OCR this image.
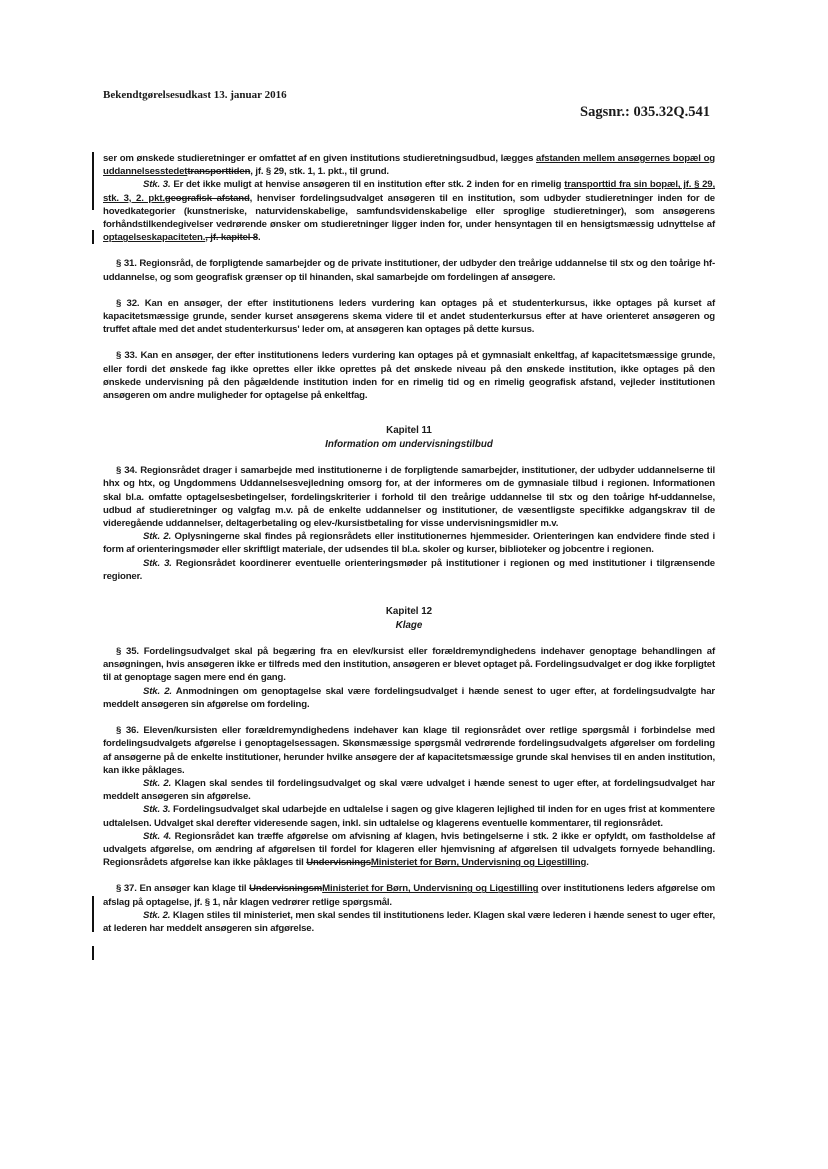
Bekendtgørelsesudkast 13. januar 2016
Sagsnr.: 035.32Q.541

ser om ønskede studieretninger er omfattet af en given institutions studieretningsudbud, lægges afstanden mellem ansøgernes bopæl og uddannelsesstedettransporttiden, jf. § 29, stk. 1, 1. pkt., til grund.

Stk. 3. Er det ikke muligt at henvise ansøgeren til en institution efter stk. 2 inden for en rimelig transporttid fra sin bopæl, jf. § 29, stk. 3, 2. pkt.geografisk afstand, henviser fordelingsudvalget ansøgeren til en institution, som udbyder studieretninger inden for de hovedkategorier (kunstneriske, naturvidenskabelige, samfundsvidenskabelige eller sproglige studieretninger), som ansøgerens forhåndstilkendegivelser vedrørende ønsker om studieretninger ligger inden for, under hensyntagen til en hensigtsmæssig udnyttelse af optagelseskapaciteten., jf. kapitel 8.

§ 31. Regionsråd, de forpligtende samarbejder og de private institutioner, der udbyder den treårige uddannelse til stx og den toårige hf-uddannelse, og som geografisk grænser op til hinanden, skal samarbejde om fordelingen af ansøgere.

§ 32. Kan en ansøger, der efter institutionens leders vurdering kan optages på et studenterkursus, ikke optages på kurset af kapacitetsmæssige grunde, sender kurset ansøgerens skema videre til et andet studenterkursus efter at have orienteret ansøgeren og truffet aftale med det andet studenterkursus' leder om, at ansøgeren kan optages på dette kursus.

§ 33. Kan en ansøger, der efter institutionens leders vurdering kan optages på et gymnasialt enkeltfag, af kapacitetsmæssige grunde, eller fordi det ønskede fag ikke oprettes eller ikke oprettes på det ønskede niveau på den ønskede institution, ikke optages på den ønskede undervisning på den pågældende institution inden for en rimelig tid og en rimelig geografisk afstand, vejleder institutionen ansøgeren om andre muligheder for optagelse på enkeltfag.

Kapitel 11

Information om undervisningstilbud

§ 34. Regionsrådet drager i samarbejde med institutionerne i de forpligtende samarbejder, institutioner, der udbyder uddannelserne til hhx og htx, og Ungdommens Uddannelsesvejledning omsorg for, at der informeres om de gymnasiale tilbud i regionen. Informationen skal bl.a. omfatte optagelsesbetingelser, fordelingskriterier i forhold til den treårige uddannelse til stx og den toårige hf-uddannelse, udbud af studieretninger og valgfag m.v. på de enkelte uddannelser og institutioner, de væsentligste specifikke adgangskrav til de videregående uddannelser, deltagerbetaling og elev-/kursistbetaling for visse undervisningsmidler m.v.

Stk. 2. Oplysningerne skal findes på regionsrådets eller institutionernes hjemmesider. Orienteringen kan endvidere finde sted i form af orienteringsmøder eller skriftligt materiale, der udsendes til bl.a. skoler og kurser, biblioteker og jobcentre i regionen.

Stk. 3. Regionsrådet koordinerer eventuelle orienteringsmøder på institutioner i regionen og med institutioner i tilgrænsende regioner.

Kapitel 12

Klage

§ 35. Fordelingsudvalget skal på begæring fra en elev/kursist eller forældremyndighedens indehaver genoptage behandlingen af ansøgningen, hvis ansøgeren ikke er tilfreds med den institution, ansøgeren er blevet optaget på. Fordelingsudvalget er dog ikke forpligtet til at genoptage sagen mere end én gang.

Stk. 2. Anmodningen om genoptagelse skal være fordelingsudvalget i hænde senest to uger efter, at fordelingsudvalgte har meddelt ansøgeren sin afgørelse om fordeling.

§ 36. Eleven/kursisten eller forældremyndighedens indehaver kan klage til regionsrådet over retlige spørgsmål i forbindelse med fordelingsudvalgets afgørelse i genoptagelsessagen. Skønsmæssige spørgsmål vedrørende fordelingsudvalgets afgørelser om fordeling af ansøgerne på de enkelte institutioner, herunder hvilke ansøgere der af kapacitetsmæssige grunde skal henvises til en anden institution, kan ikke påklages.

Stk. 2. Klagen skal sendes til fordelingsudvalget og skal være udvalget i hænde senest to uger efter, at fordelingsudvalget har meddelt ansøgeren sin afgørelse.

Stk. 3. Fordelingsudvalget skal udarbejde en udtalelse i sagen og give klageren lejlighed til inden for en uges frist at kommentere udtalelsen. Udvalget skal derefter videresende sagen, inkl. sin udtalelse og klagerens eventuelle kommentarer, til regionsrådet.

Stk. 4. Regionsrådet kan træffe afgørelse om afvisning af klagen, hvis betingelserne i stk. 2 ikke er opfyldt, om fastholdelse af udvalgets afgørelse, om ændring af afgørelsen til fordel for klageren eller hjemvisning af afgørelsen til udvalgets fornyede behandling. Regionsrådets afgørelse kan ikke påklages til UndervisningsMinisteriet for Børn, Undervisning og Ligestilling.

§ 37. En ansøger kan klage til UndervisningsmMinisteriet for Børn, Undervisning og Ligestilling over institutionens leders afgørelse om afslag på optagelse, jf. § 1, når klagen vedrører retlige spørgsmål.

Stk. 2. Klagen stiles til ministeriet, men skal sendes til institutionens leder. Klagen skal være lederen i hænde senest to uger efter, at lederen har meddelt ansøgeren sin afgørelse.
